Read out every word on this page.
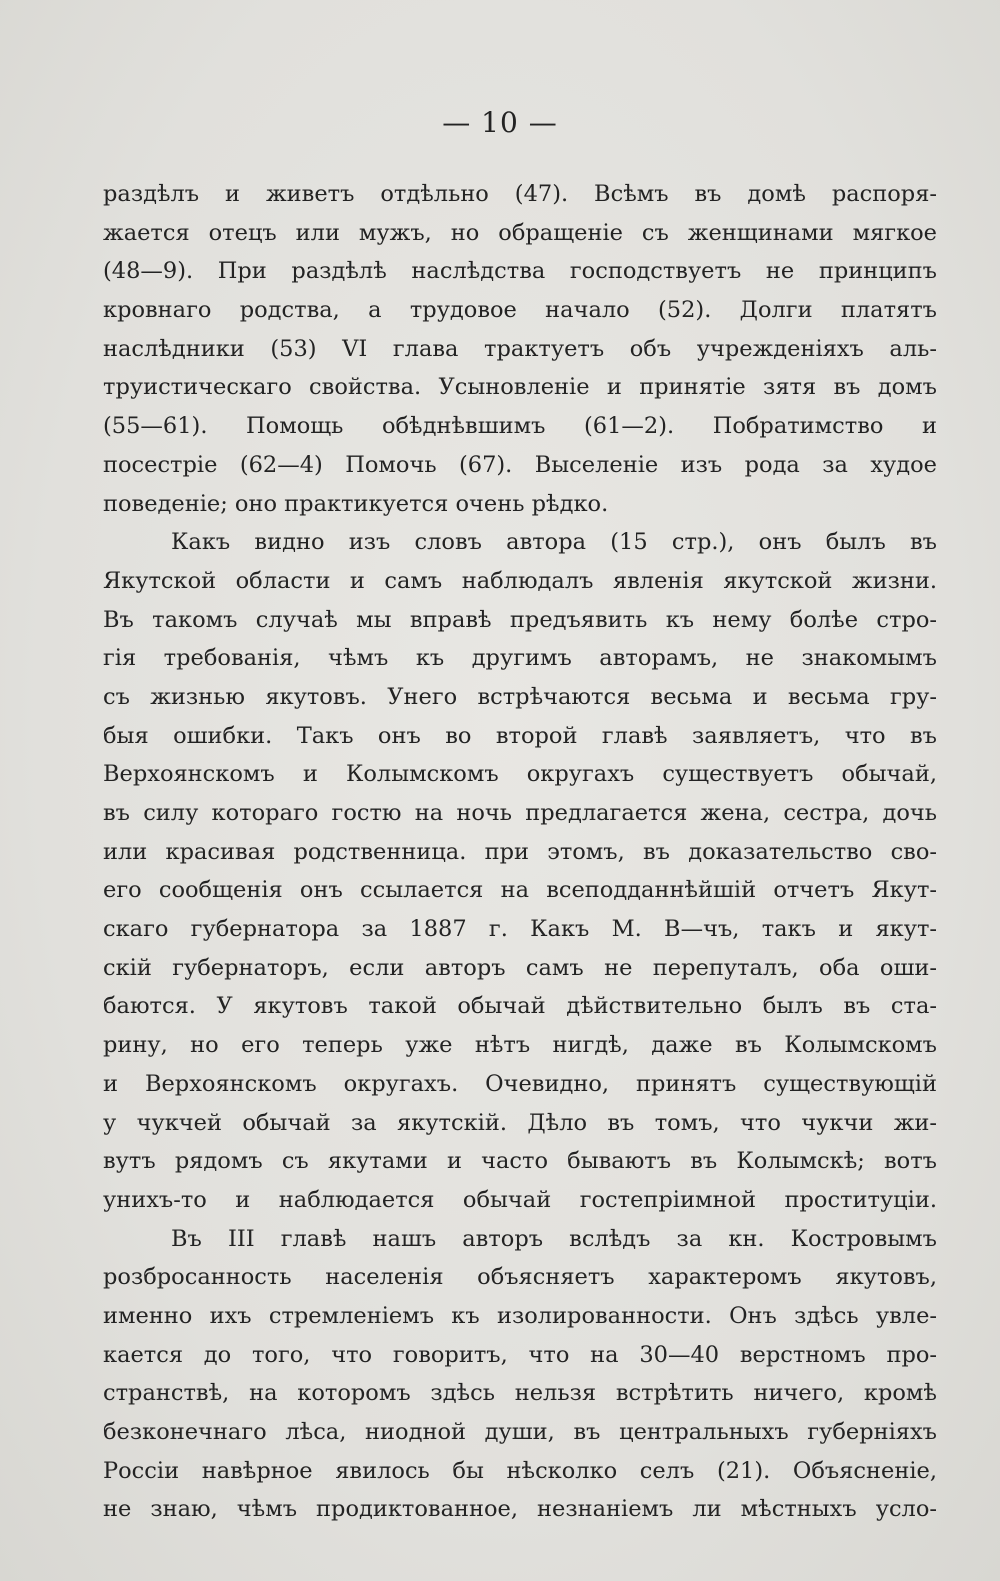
— 10 —
раздѣлъ и живетъ отдѣльно (47). Всѣмъ въ домѣ распоря-
жается отецъ или мужъ, но обращеніе съ женщинами мягкое
(48—9). При раздѣлѣ наслѣдства господствуетъ не принципъ
кровнаго родства, а трудовое начало (52). Долги платятъ
наслѣдники (53) VI глава трактуетъ объ учрежденіяхъ аль-
труистическаго свойства. Усыновленіе и принятіе зятя въ домъ
(55—61). Помощь обѣднѣвшимъ (61—2). Побратимство и
посестріе (62—4) Помочь (67). Выселеніе изъ рода за худое
поведеніе; оно практикуется очень рѣдко.
Какъ видно изъ словъ автора (15 стр.), онъ былъ въ
Якутской области и самъ наблюдалъ явленія якутской жизни.
Въ такомъ случаѣ мы вправѣ предъявить къ нему болѣе стро-
гія требованія, чѣмъ къ другимъ авторамъ, не знакомымъ
съ жизнью якутовъ. Унего встрѣчаются весьма и весьма гру-
быя ошибки. Такъ онъ во второй главѣ заявляетъ, что въ
Верхоянскомъ и Колымскомъ округахъ существуетъ обычай,
въ силу котораго гостю на ночь предлагается жена, сестра, дочь
или красивая родственница. при этомъ, въ доказательство сво-
его сообщенія онъ ссылается на всеподданнѣйшій отчетъ Якут-
скаго губернатора за 1887 г. Какъ М. В—чъ, такъ и якут-
скій губернаторъ, если авторъ самъ не перепуталъ, оба оши-
баются. У якутовъ такой обычай дѣйствительно былъ въ ста-
рину, но его теперь уже нѣтъ нигдѣ, даже въ Колымскомъ
и Верхоянскомъ округахъ. Очевидно, принятъ существующій
у чукчей обычай за якутскій. Дѣло въ томъ, что чукчи жи-
вутъ рядомъ съ якутами и часто бываютъ въ Колымскѣ; вотъ
унихъ-то и наблюдается обычай гостепріимной проституціи.
Въ III главѣ нашъ авторъ вслѣдъ за кн. Костровымъ
розбросанность населенія объясняетъ характеромъ якутовъ,
именно ихъ стремленіемъ къ изолированности. Онъ здѣсь увле-
кается до того, что говоритъ, что на 30—40 верстномъ про-
странствѣ, на которомъ здѣсь нельзя встрѣтить ничего, кромѣ
безконечнаго лѣса, ниодной души, въ центральныхъ губерніяхъ
Россіи навѣрное явилось бы нѣсколко селъ (21). Объясненіе,
не знаю, чѣмъ продиктованное, незнаніемъ ли мѣстныхъ усло-
